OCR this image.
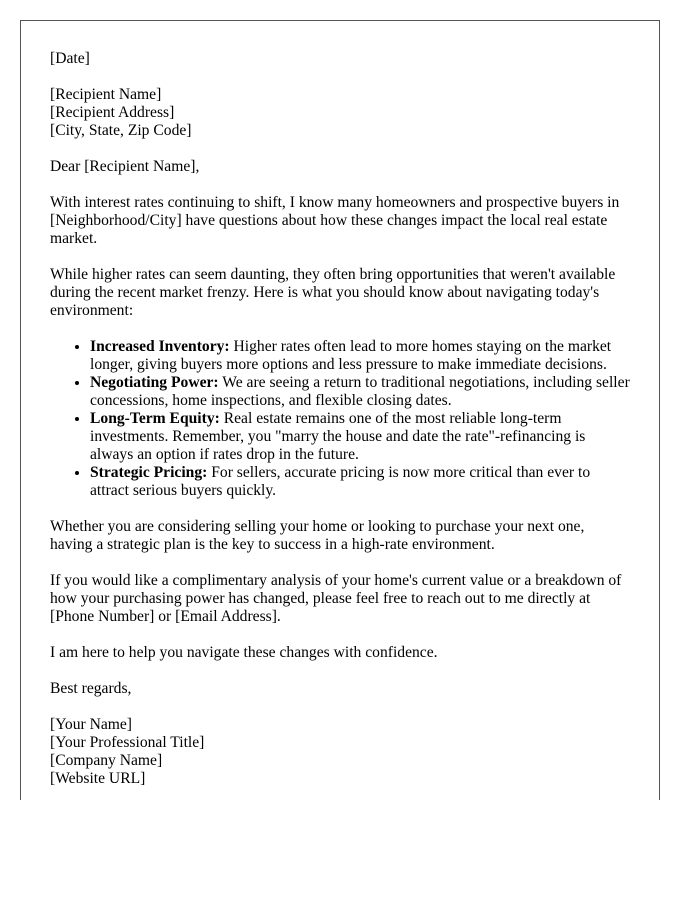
[Date]
[Recipient Name]
[Recipient Address]
[City, State, Zip Code]

Dear [Recipient Name],

With interest rates continuing to shift, I know many homeowners and prospective buyers in [Neighborhood/City] have questions about how these changes impact the local real estate market.

While higher rates can seem daunting, they often bring opportunities that weren't available during the recent market frenzy. Here is what you should know about navigating today's environment:

• Increased Inventory: Higher rates often lead to more homes staying on the market longer, giving buyers more options and less pressure to make immediate decisions.
• Negotiating Power: We are seeing a return to traditional negotiations, including seller concessions, home inspections, and flexible closing dates.
• Long-Term Equity: Real estate remains one of the most reliable long-term investments. Remember, you "marry the house and date the rate"-refinancing is always an option if rates drop in the future.
• Strategic Pricing: For sellers, accurate pricing is now more critical than ever to attract serious buyers quickly.

Whether you are considering selling your home or looking to purchase your next one, having a strategic plan is the key to success in a high-rate environment.

If you would like a complimentary analysis of your home's current value or a breakdown of how your purchasing power has changed, please feel free to reach out to me directly at [Phone Number] or [Email Address].

I am here to help you navigate these changes with confidence.

Best regards,

[Your Name]
[Your Professional Title]
[Company Name]
[Website URL]
